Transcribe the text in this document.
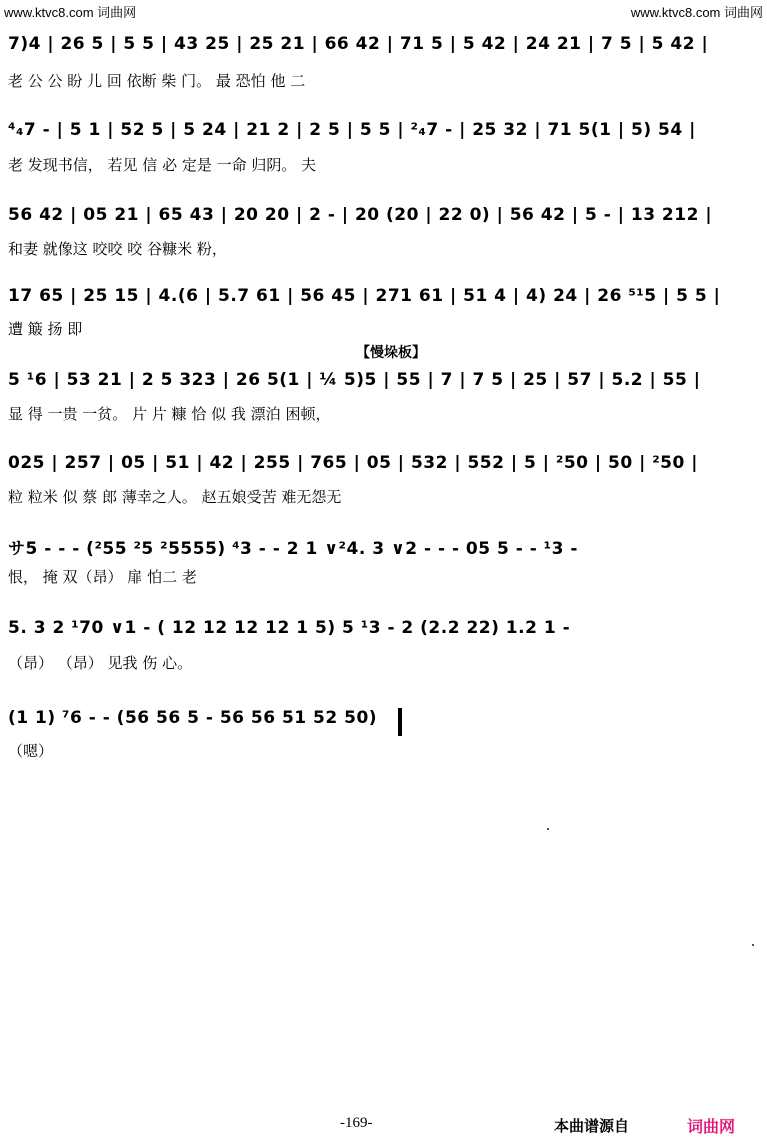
www.ktvc8.com 词曲网	www.ktvc8.com 词曲网
7)4 | 26 5 | 5 5 | 43 25 | 25 21 | 66 42 | 71 5 | 5 42 | 24 21 | 7 5 | 5 42 |
老 公 公 盼 儿 回 依断 柴 门。 最 恐怕 他 二
⁴₄7 - | 5 1 | 52 5 | 5 24 | 21 2 | 2 5 | 5 5 | ²₄7 - | 25 32 | 71 5(1 | 5) 54 |
老 发现书信， 若见 信 必 定是 一命 归阴。 夫
56 42 | 05 21 | 65 43 | 20 20 | 2 - | 20 (20 | 22 0) | 56 42 | 5 - | 13 212 |
和妻 就像这 咬咬 咬 谷糠米 粉，
17 65 | 25 15 | 4.(6 | 5.7 61 | 56 45 | 271 61 | 51 4 | 4) 24 | 26 ⁵¹5 | 5 5 |
遭 簸 扬 即
【慢垛板】
5 ¹6 | 53 21 | 2 5 323 | 26 5(1 | ¼ 5)5 | 55 | 7 | 7 5 | 25 | 57 | 5.2 | 55 |
显 得 一贵 一贫。 片 片 糠 恰 似 我 漂泊 困顿，
025 | 257 | 05 | 51 | 42 | 255 | 765 | 05 | 532 | 552 | 5 | ²50 | 50 | ²50 |
粒 粒米 似 蔡 郎 薄幸之人。 赵五娘受苦 难无怨无
サ5 - - - (²55 ²5 ²5555) ⁴3 - - 2 1 ∨²4. 3 ∨2 - - - 05 5 - - ¹3 -
恨， 掩 双（昂） 扉 怕二 老
5. 3 2 ¹70 ∨1 - ( 12 12 12 12 1 5) 5 ¹3 - 2 (2.2 22) 1.2 1 -
（昂） （昂） 见我 伤 心。
(1 1) ⁷6 - - (56 56 5 - 56 56 51 52 50)
（嗯）
-169-	本曲谱源自	词曲网
